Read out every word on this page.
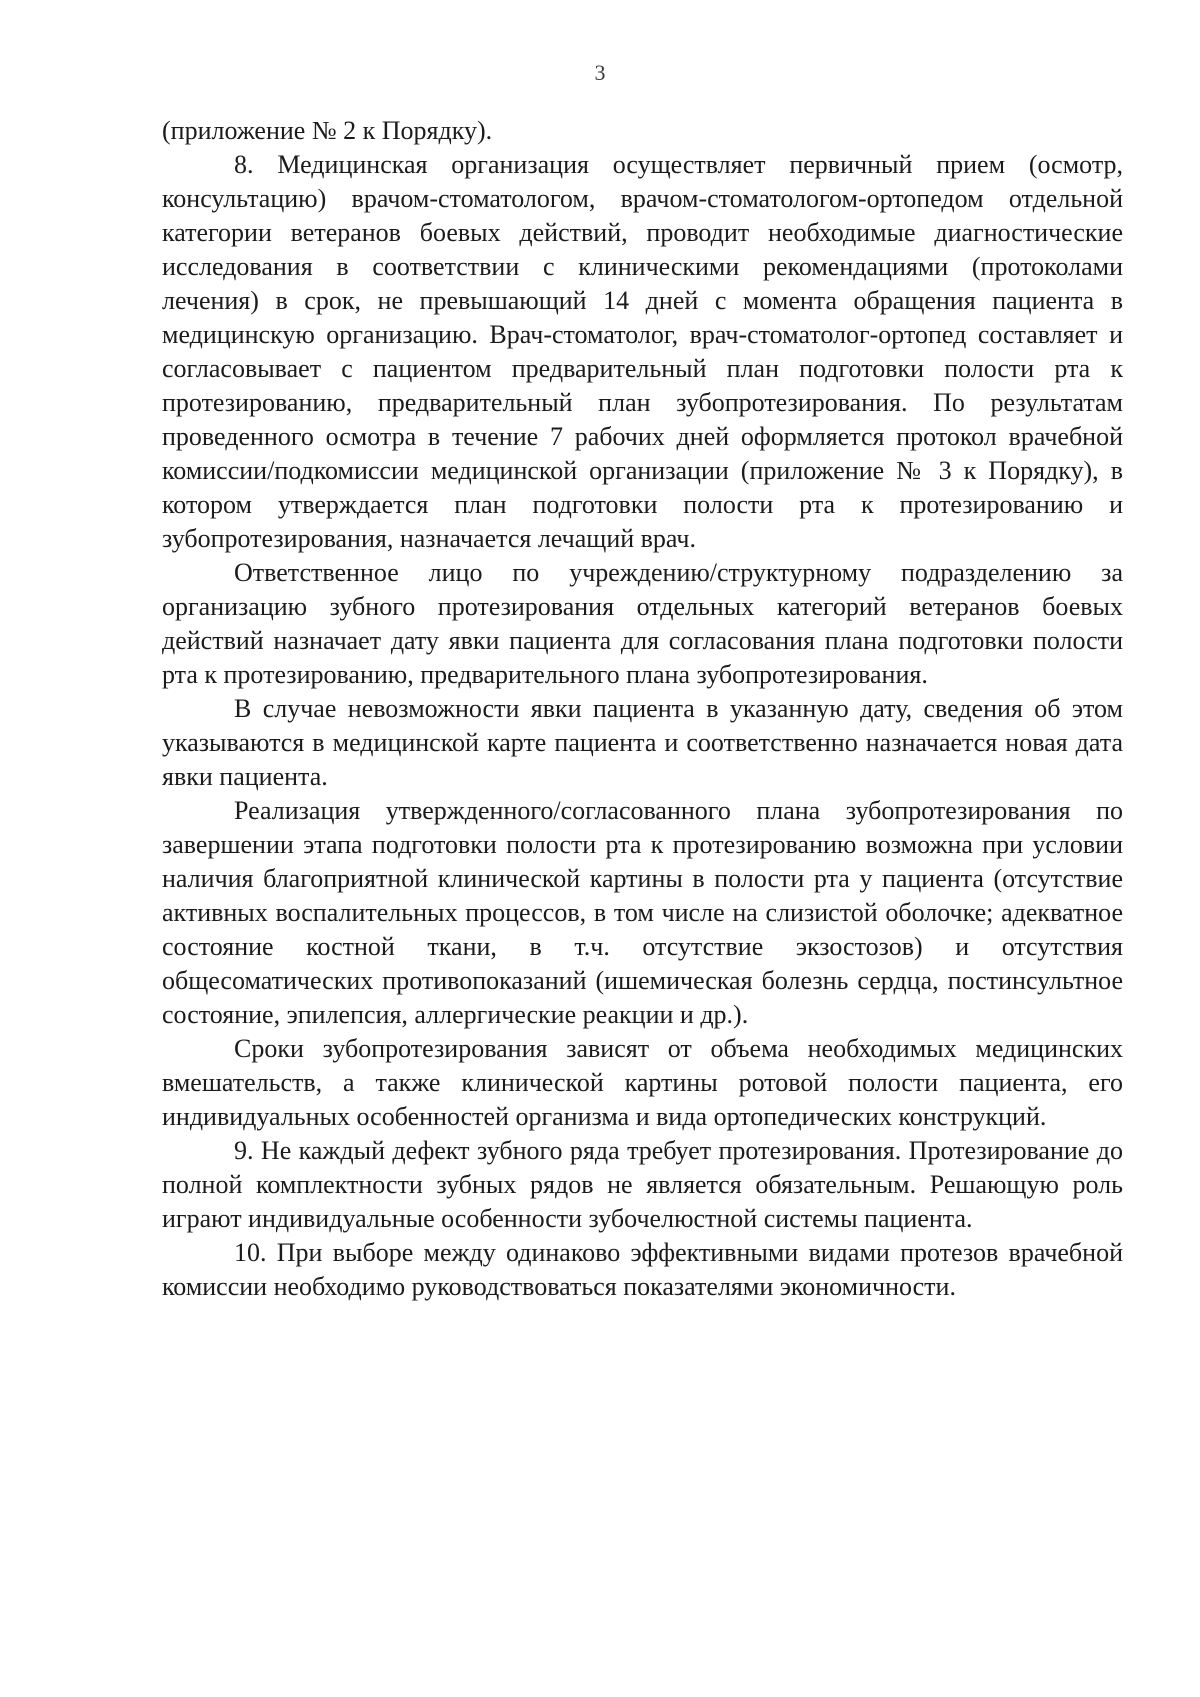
3

(приложение № 2 к Порядку).

8. Медицинская организация осуществляет первичный прием (осмотр, консультацию) врачом-стоматологом, врачом-стоматологом-ортопедом отдельной категории ветеранов боевых действий, проводит необходимые диагностические исследования в соответствии с клиническими рекомендациями (протоколами лечения) в срок, не превышающий 14 дней с момента обращения пациента в медицинскую организацию. Врач-стоматолог, врач-стоматолог-ортопед составляет и согласовывает с пациентом предварительный план подготовки полости рта к протезированию, предварительный план зубопротезирования. По результатам проведенного осмотра в течение 7 рабочих дней оформляется протокол врачебной комиссии/подкомиссии медицинской организации (приложение № 3 к Порядку), в котором утверждается план подготовки полости рта к протезированию и зубопротезирования, назначается лечащий врач.

Ответственное лицо по учреждению/структурному подразделению за организацию зубного протезирования отдельных категорий ветеранов боевых действий назначает дату явки пациента для согласования плана подготовки полости рта к протезированию, предварительного плана зубопротезирования.

В случае невозможности явки пациента в указанную дату, сведения об этом указываются в медицинской карте пациента и соответственно назначается новая дата явки пациента.

Реализация утвержденного/согласованного плана зубопротезирования по завершении этапа подготовки полости рта к протезированию возможна при условии наличия благоприятной клинической картины в полости рта у пациента (отсутствие активных воспалительных процессов, в том числе на слизистой оболочке; адекватное состояние костной ткани, в т.ч. отсутствие экзостозов) и отсутствия общесоматических противопоказаний (ишемическая болезнь сердца, постинсультное состояние, эпилепсия, аллергические реакции и др.).

Сроки зубопротезирования зависят от объема необходимых медицинских вмешательств, а также клинической картины ротовой полости пациента, его индивидуальных особенностей организма и вида ортопедических конструкций.

9. Не каждый дефект зубного ряда требует протезирования. Протезирование до полной комплектности зубных рядов не является обязательным. Решающую роль играют индивидуальные особенности зубочелюстной системы пациента.

10. При выборе между одинаково эффективными видами протезов врачебной комиссии необходимо руководствоваться показателями экономичности.
